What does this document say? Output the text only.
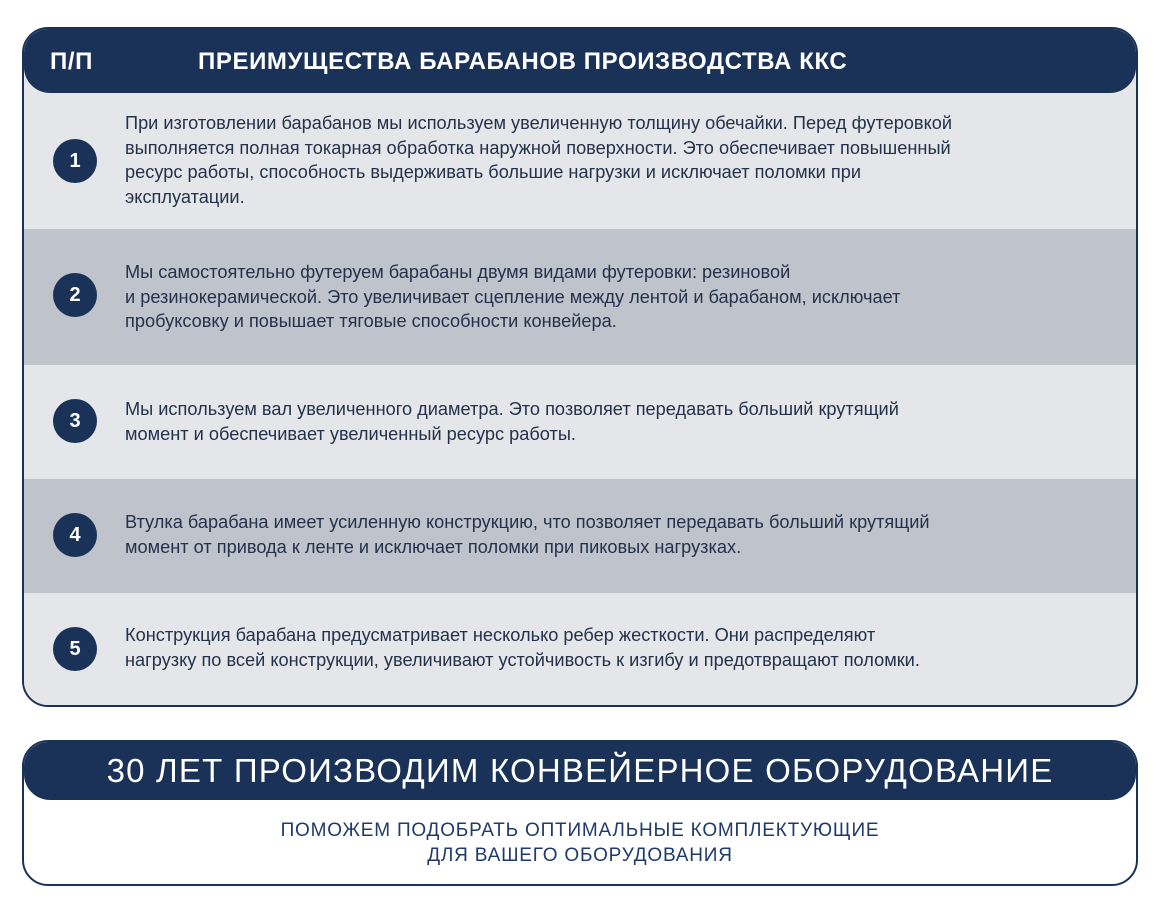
П/П	ПРЕИМУЩЕСТВА БАРАБАНОВ ПРОИЗВОДСТВА ККС
1
При изготовлении барабанов мы используем увеличенную толщину обечайки. Перед футеровкой
выполняется полная токарная обработка наружной поверхности. Это обеспечивает повышенный
ресурс работы, способность выдерживать большие нагрузки и исключает поломки при
эксплуатации.
2
Мы самостоятельно футеруем барабаны двумя видами футеровки: резиновой
и резинокерамической. Это увеличивает сцепление между лентой и барабаном, исключает
пробуксовку и повышает тяговые способности конвейера.
3
Мы используем вал увеличенного диаметра. Это позволяет передавать больший крутящий
момент и обеспечивает увеличенный ресурс работы.
4
Втулка барабана имеет усиленную конструкцию, что позволяет передавать больший крутящий
момент от привода к ленте и исключает поломки при пиковых нагрузках.
5
Конструкция барабана предусматривает несколько ребер жесткости. Они распределяют
нагрузку по всей конструкции, увеличивают устойчивость к изгибу и предотвращают поломки.
30 ЛЕТ ПРОИЗВОДИМ КОНВЕЙЕРНОЕ ОБОРУДОВАНИЕ
ПОМОЖЕМ ПОДОБРАТЬ ОПТИМАЛЬНЫЕ КОМПЛЕКТУЮЩИЕ
ДЛЯ ВАШЕГО ОБОРУДОВАНИЯ
